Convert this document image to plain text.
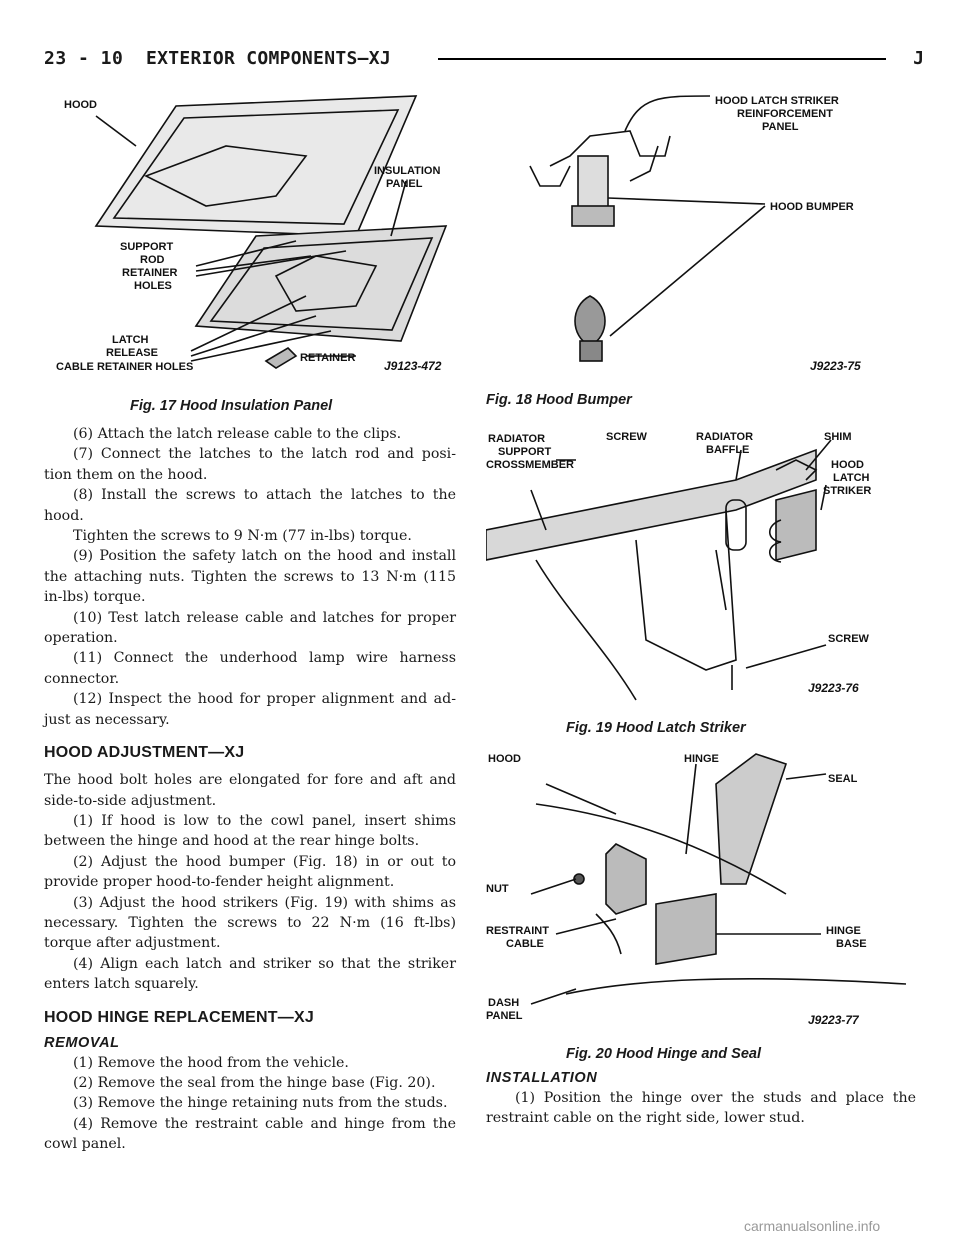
23 - 10 EXTERIOR COMPONENTS—XJ	J
HOOD
INSULATION
PANEL
SUPPORT
ROD
RETAINER
HOLES
LATCH
RELEASE
CABLE RETAINER HOLES
RETAINER
J9123-472
Fig. 17 Hood Insulation Panel
HOOD LATCH STRIKER
REINFORCEMENT
PANEL
HOOD BUMPER
J9223-75
Fig. 18 Hood Bumper
RADIATOR
SUPPORT
CROSSMEMBER
SCREW	RADIATOR
BAFFLE
SHIM
HOOD
LATCH
STRIKER
SCREW
J9223-76
Fig. 19 Hood Latch Striker
HOOD	HINGE
SEAL
NUT
RESTRAINT
CABLE
HINGE
BASE
DASH
PANEL	J9223-77
Fig. 20 Hood Hinge and Seal

(6) Attach the latch release cable to the clips.

(7) Connect the latches to the latch rod and posi- tion them on the hood.

(8) Install the screws to attach the latches to the hood.

Tighten the screws to 9 N·m (77 in-lbs) torque.

(9) Position the safety latch on the hood and install the attaching nuts. Tighten the screws to 13 N·m (115 in-lbs) torque.

(10) Test latch release cable and latches for proper operation.

(11) Connect the underhood lamp wire harness connector.

(12) Inspect the hood for proper alignment and ad- just as necessary.

HOOD ADJUSTMENT—XJ

The hood bolt holes are elongated for fore and aft and side-to-side adjustment.

(1) If hood is low to the cowl panel, insert shims between the hinge and hood at the rear hinge bolts.

(2) Adjust the hood bumper (Fig. 18) in or out to provide proper hood-to-fender height alignment.

(3) Adjust the hood strikers (Fig. 19) with shims as necessary. Tighten the screws to 22 N·m (16 ft-lbs) torque after adjustment.

(4) Align each latch and striker so that the striker enters latch squarely.

HOOD HINGE REPLACEMENT—XJ
REMOVAL

(1) Remove the hood from the vehicle.

(2) Remove the seal from the hinge base (Fig. 20).

(3) Remove the hinge retaining nuts from the studs.

(4) Remove the restraint cable and hinge from the cowl panel.

INSTALLATION

(1) Position the hinge over the studs and place the restraint cable on the right side, lower stud.

carmanualsonline.info
